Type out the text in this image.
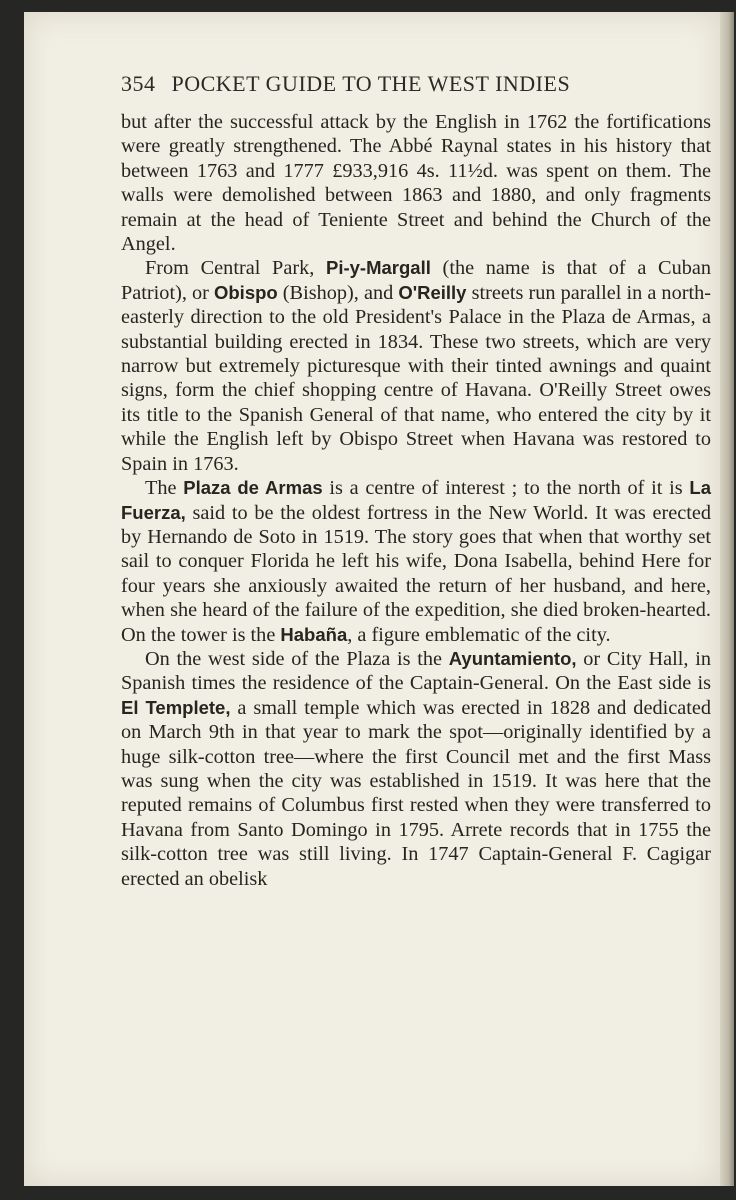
354 POCKET GUIDE TO THE WEST INDIES

but after the successful attack by the English in 1762 the fortifications were greatly strengthened. The Abbé Raynal states in his history that between 1763 and 1777 £933,916 4s. 11½d. was spent on them. The walls were demolished between 1863 and 1880, and only fragments remain at the head of Teniente Street and behind the Church of the Angel.

From Central Park, Pi-y-Margall (the name is that of a Cuban Patriot), or Obispo (Bishop), and O'Reilly streets run parallel in a north-easterly direction to the old President's Palace in the Plaza de Armas, a substantial building erected in 1834. These two streets, which are very narrow but extremely picturesque with their tinted awnings and quaint signs, form the chief shopping centre of Havana. O'Reilly Street owes its title to the Spanish General of that name, who entered the city by it while the English left by Obispo Street when Havana was restored to Spain in 1763.

The Plaza de Armas is a centre of interest ; to the north of it is La Fuerza, said to be the oldest fortress in the New World. It was erected by Hernando de Soto in 1519. The story goes that when that worthy set sail to conquer Florida he left his wife, Dona Isabella, behind Here for four years she anxiously awaited the return of her husband, and here, when she heard of the failure of the expedition, she died broken-hearted. On the tower is the Habaña, a figure emblematic of the city.

On the west side of the Plaza is the Ayuntamiento, or City Hall, in Spanish times the residence of the Captain-General. On the East side is El Templete, a small temple which was erected in 1828 and dedicated on March 9th in that year to mark the spot—originally identified by a huge silk-cotton tree—where the first Council met and the first Mass was sung when the city was established in 1519. It was here that the reputed remains of Columbus first rested when they were transferred to Havana from Santo Domingo in 1795. Arrete records that in 1755 the silk-cotton tree was still living. In 1747 Captain-General F. Cagigar erected an obelisk
